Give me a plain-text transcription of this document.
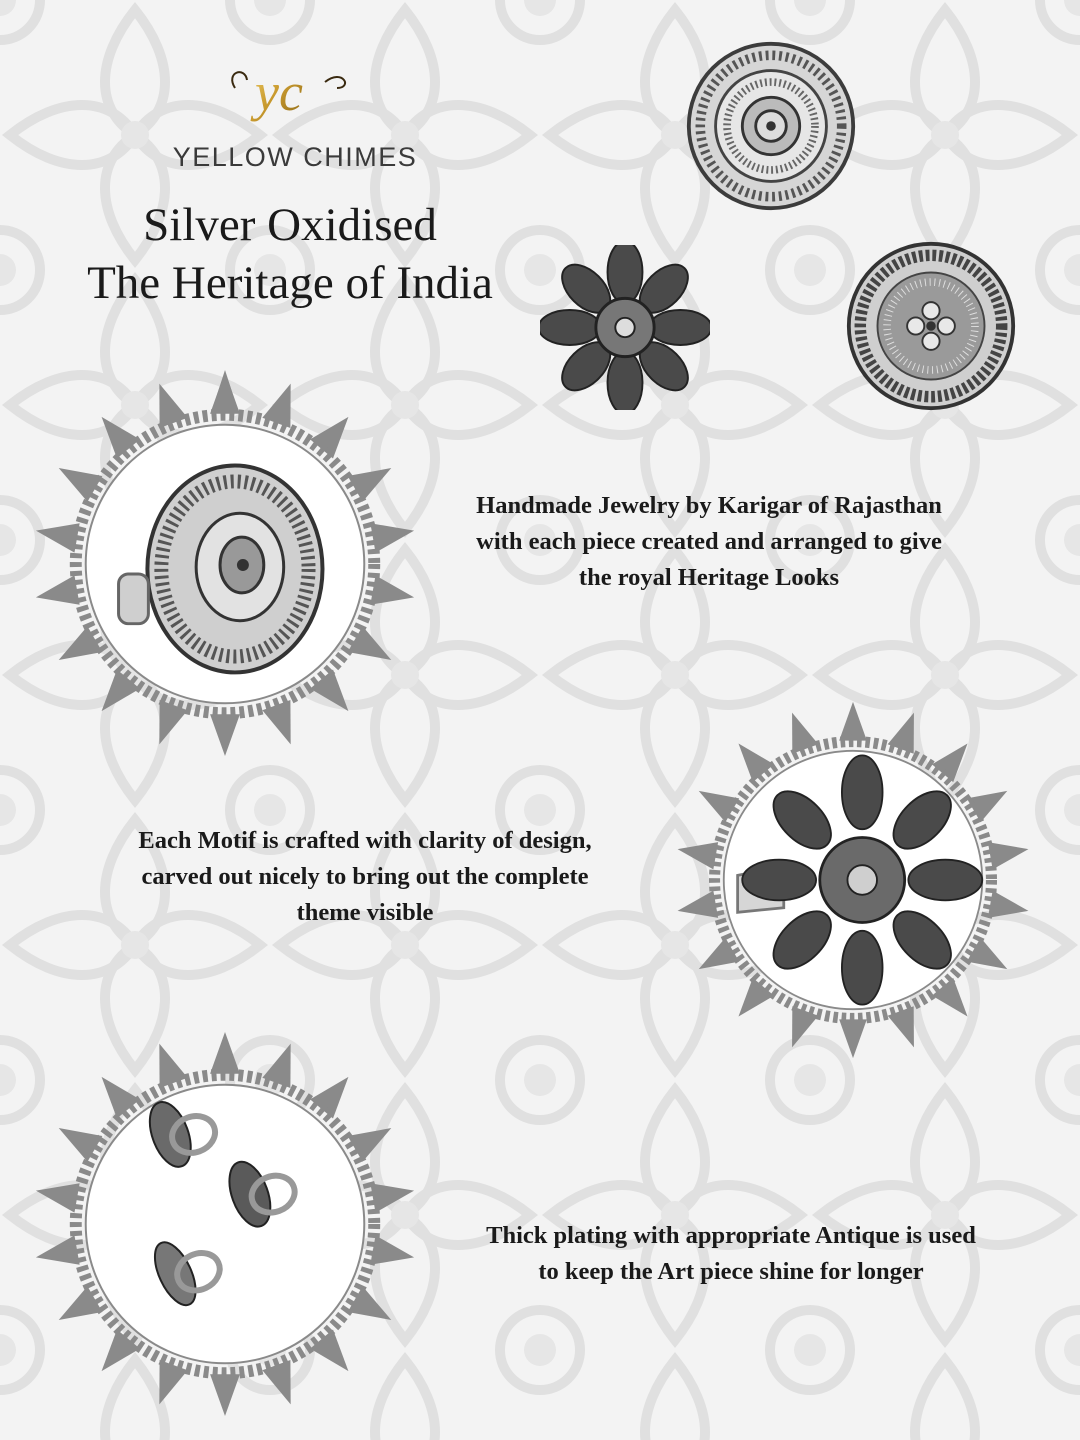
yc
YELLOW CHIMES
Silver Oxidised
The Heritage of India
Handmade Jewelry by Karigar of Rajasthan
with each piece created and arranged to give
the royal Heritage Looks
Each Motif is crafted with clarity of design,
carved out nicely to bring out the complete
theme visible
Thick plating with appropriate Antique is used
to keep the Art piece shine for longer
